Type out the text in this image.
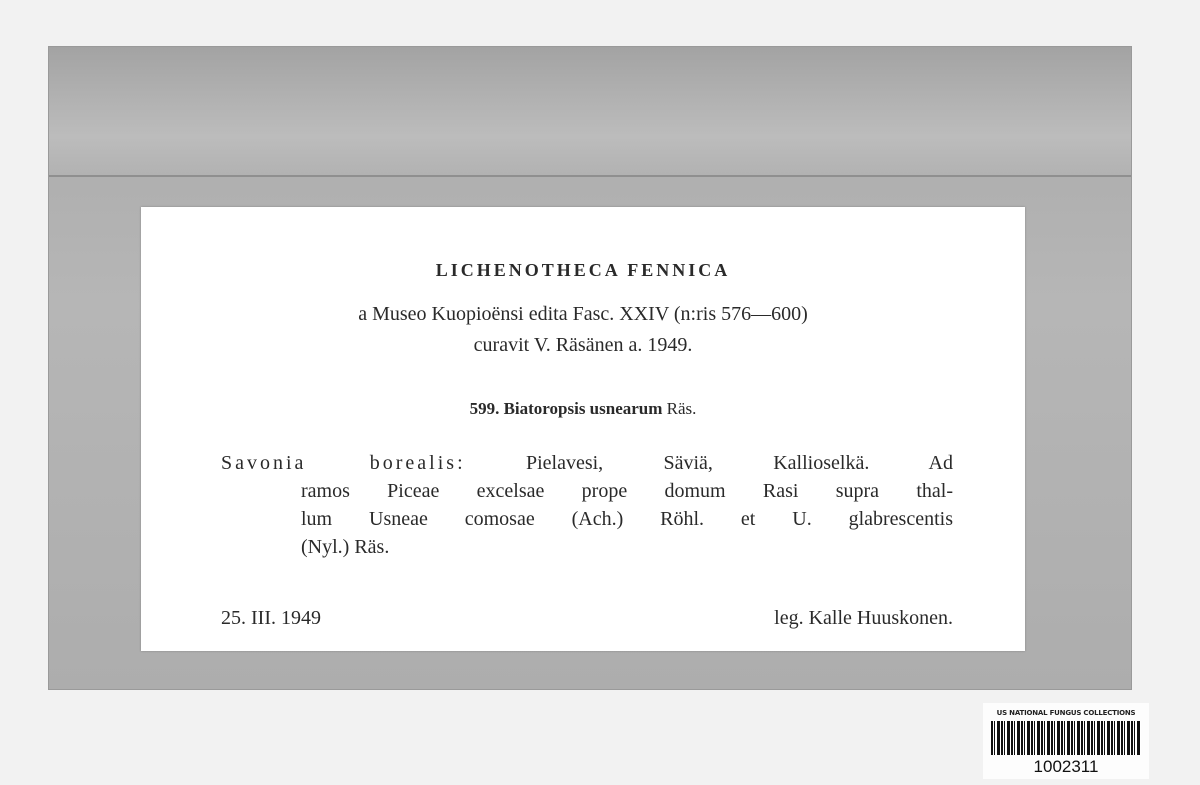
LICHENOTHECA FENNICA
a Museo Kuopioënsi edita Fasc. XXIV (n:ris 576—600)
curavit V. Räsänen a. 1949.
599. Biatoropsis usnearum Räs.
Savonia borealis:	Pielavesi, Säviä, Kallioselkä. Ad
ramos Piceae excelsae prope domum Rasi supra thal-
lum Usneae comosae (Ach.) Röhl. et U. glabrescentis
(Nyl.) Räs.
25. III. 1949	leg. Kalle Huuskonen.
US NATIONAL FUNGUS COLLECTIONS
1002311
